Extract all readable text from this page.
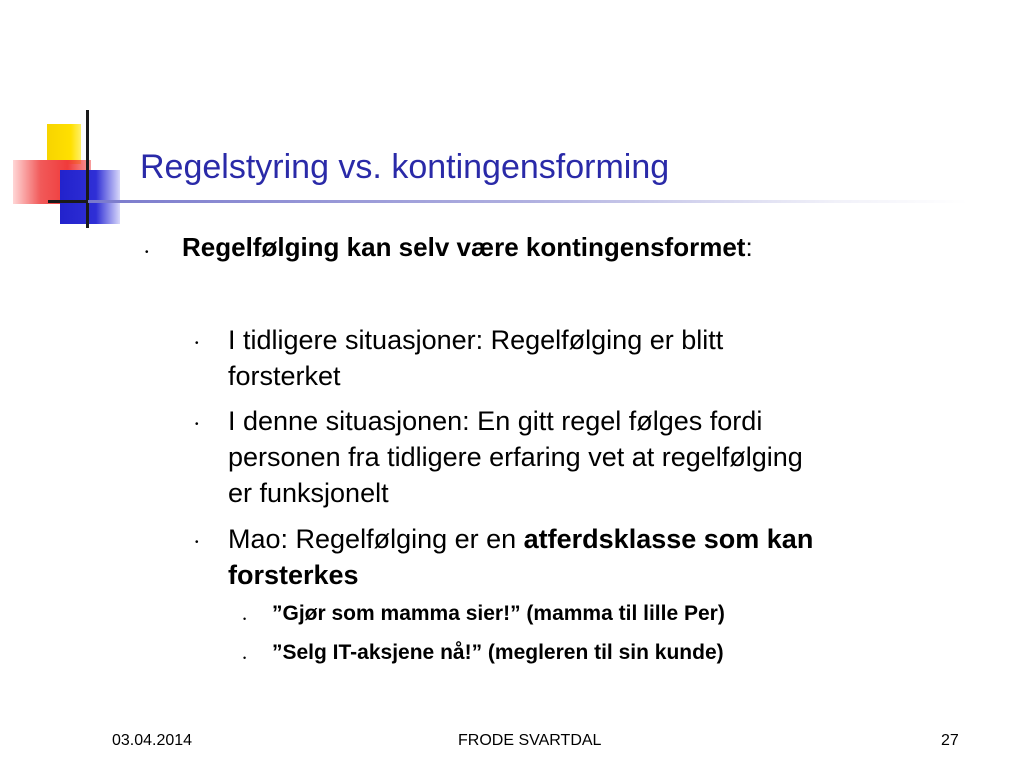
Regelstyring vs. kontingensforming
• Regelfølging kan selv være kontingensformet:
• I tidligere situasjoner: Regelfølging er blitt
forsterket
• I denne situasjonen: En gitt regel følges fordi
personen fra tidligere erfaring vet at regelfølging
er funksjonelt
• Mao: Regelfølging er en atferdsklasse som kan
forsterkes
• ”Gjør som mamma sier!” (mamma til lille Per)
• ”Selg IT-aksjene nå!” (megleren til sin kunde)
03.04.2014	FRODE SVARTDAL	27
